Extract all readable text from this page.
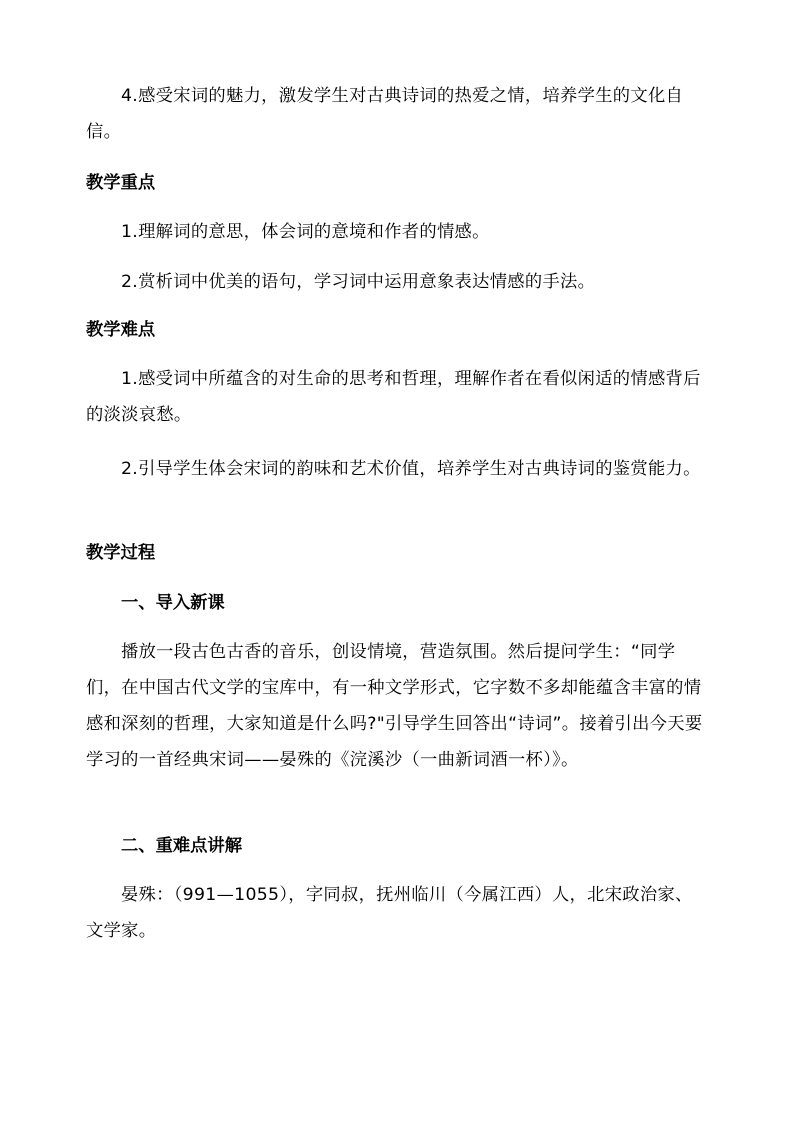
4.感受宋词的魅力，激发学生对古典诗词的热爱之情，培养学生的文化自信。

教学重点

1.理解词的意思，体会词的意境和作者的情感。

2.赏析词中优美的语句，学习词中运用意象表达情感的手法。

教学难点

1.感受词中所蕴含的对生命的思考和哲理，理解作者在看似闲适的情感背后的淡淡哀愁。

2.引导学生体会宋词的韵味和艺术价值，培养学生对古典诗词的鉴赏能力。

教学过程
一、导入新课

播放一段古色古香的音乐，创设情境，营造氛围。然后提问学生：“同学们，在中国古代文学的宝库中，有一种文学形式，它字数不多却能蕴含丰富的情感和深刻的哲理，大家知道是什么吗?"引导学生回答出“诗词”。接着引出今天要学习的一首经典宋词——晏殊的《浣溪沙（一曲新词酒一杯）》。

二、重难点讲解

晏殊：（991—1055），字同叔，抚州临川（今属江西）人，北宋政治家、文学家。
